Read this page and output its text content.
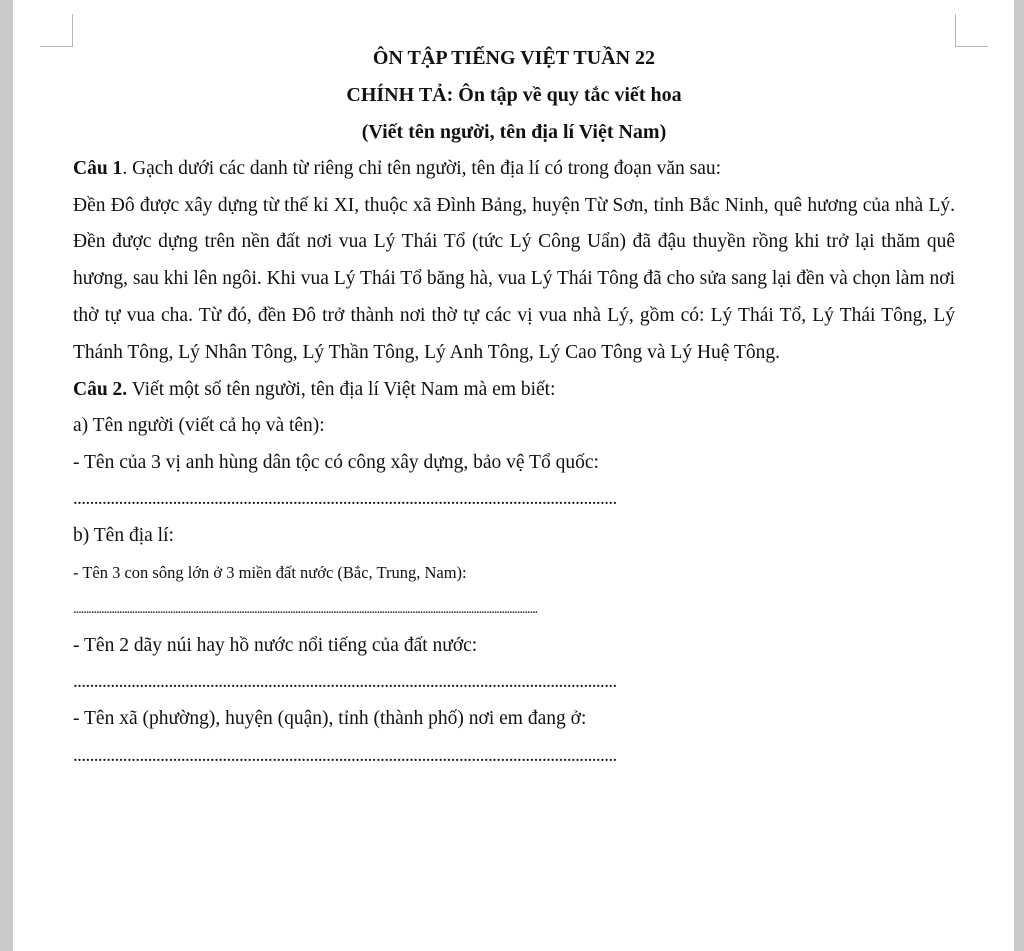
ÔN TẬP TIẾNG VIỆT TUẦN 22
CHÍNH TẢ: Ôn tập về quy tắc viết hoa
(Viết tên người, tên địa lí Việt Nam)
Câu 1. Gạch dưới các danh từ riêng chỉ tên người, tên địa lí có trong đoạn văn sau:
Đền Đô được xây dựng từ thế kỉ XI, thuộc xã Đình Bảng, huyện Từ Sơn, tỉnh Bắc Ninh, quê hương của nhà Lý. Đền được dựng trên nền đất nơi vua Lý Thái Tổ (tức Lý Công Uẩn) đã đậu thuyền rồng khi trở lại thăm quê hương, sau khi lên ngôi. Khi vua Lý Thái Tổ băng hà, vua Lý Thái Tông đã cho sửa sang lại đền và chọn làm nơi thờ tự vua cha. Từ đó, đền Đô trở thành nơi thờ tự các vị vua nhà Lý, gồm có: Lý Thái Tổ, Lý Thái Tông, Lý Thánh Tông, Lý Nhân Tông, Lý Thần Tông, Lý Anh Tông, Lý Cao Tông và Lý Huệ Tông.
Câu 2. Viết một số tên người, tên địa lí Việt Nam mà em biết:
a) Tên người (viết cả họ và tên):
- Tên của 3 vị anh hùng dân tộc có công xây dựng, bảo vệ Tổ quốc:
...................................................................................................................................
b) Tên địa lí:
- Tên 3 con sông lớn ở 3 miền đất nước (Bắc, Trung, Nam):
......................................................................................................................................................................................
- Tên 2 dãy núi hay hồ nước nổi tiếng của đất nước:
...................................................................................................................................
- Tên xã (phường), huyện (quận), tỉnh (thành phố) nơi em đang ở:
...................................................................................................................................
